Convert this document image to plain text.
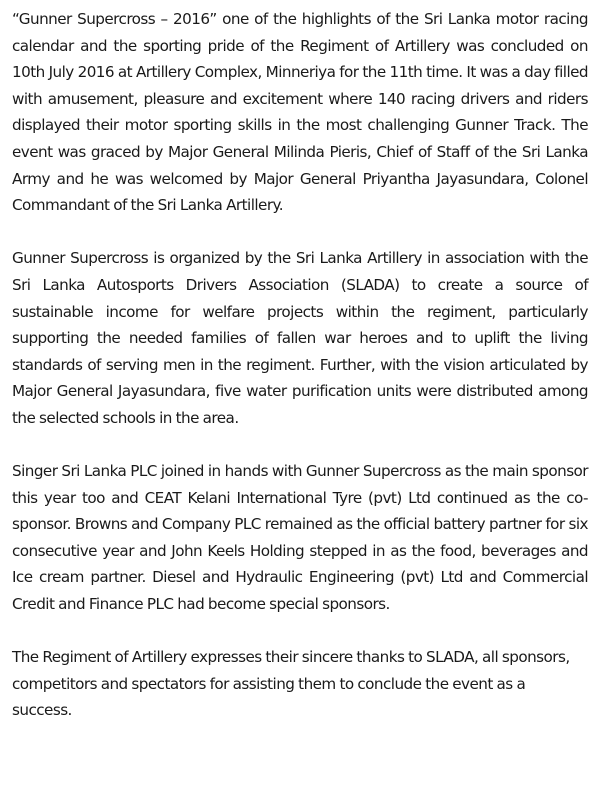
“Gunner Supercross – 2016” one of the highlights of the Sri Lanka motor racing calendar and the sporting pride of the Regiment of Artillery was concluded on 10th July 2016 at Artillery Complex, Minneriya for the 11th time. It was a day filled with amusement, pleasure and excitement where 140 racing drivers and riders displayed their motor sporting skills in the most challenging Gunner Track. The event was graced by Major General Milinda Pieris, Chief of Staff of the Sri Lanka Army and he was welcomed by Major General Priyantha Jayasundara, Colonel Commandant of the Sri Lanka Artillery.

Gunner Supercross is organized by the Sri Lanka Artillery in association with the Sri Lanka Autosports Drivers Association (SLADA) to create a source of sustainable income for welfare projects within the regiment, particularly supporting the needed families of fallen war heroes and to uplift the living standards of serving men in the regiment. Further, with the vision articulated by Major General Jayasundara, five water purification units were distributed among the selected schools in the area.

Singer Sri Lanka PLC joined in hands with Gunner Supercross as the main sponsor this year too and CEAT Kelani International Tyre (pvt) Ltd continued as the co-sponsor. Browns and Company PLC remained as the official battery partner for six consecutive year and John Keels Holding stepped in as the food, beverages and Ice cream partner. Diesel and Hydraulic Engineering (pvt) Ltd and Commercial Credit and Finance PLC had become special sponsors.

The Regiment of Artillery expresses their sincere thanks to SLADA, all sponsors, competitors and spectators for assisting them to conclude the event as a success.
